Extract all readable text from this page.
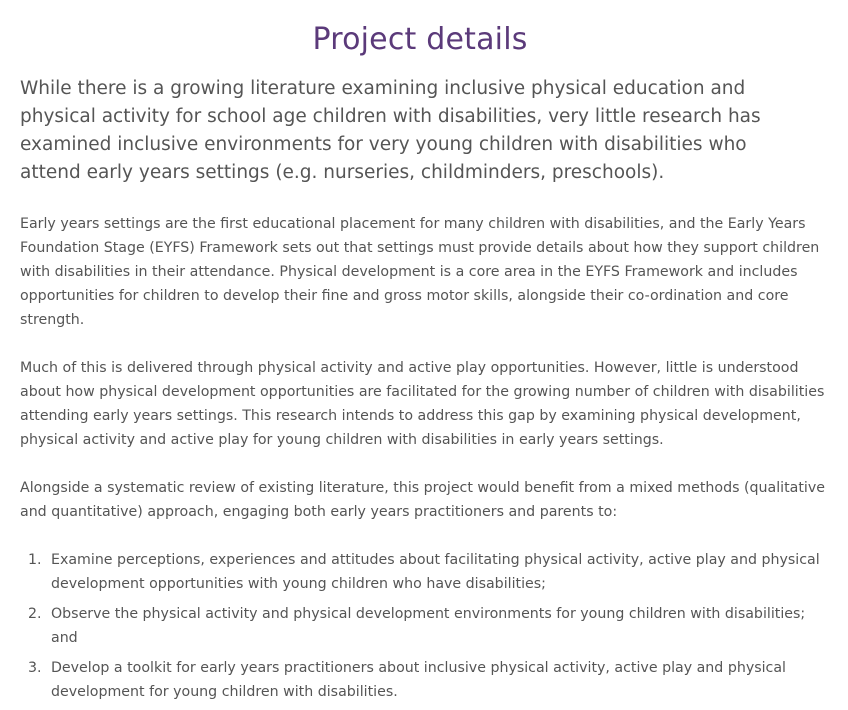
Project details

While there is a growing literature examining inclusive physical education and physical activity for school age children with disabilities, very little research has examined inclusive environments for very young children with disabilities who attend early years settings (e.g. nurseries, childminders, preschools).

Early years settings are the first educational placement for many children with disabilities, and the Early Years Foundation Stage (EYFS) Framework sets out that settings must provide details about how they support children with disabilities in their attendance. Physical development is a core area in the EYFS Framework and includes opportunities for children to develop their fine and gross motor skills, alongside their co-ordination and core strength.

Much of this is delivered through physical activity and active play opportunities. However, little is understood about how physical development opportunities are facilitated for the growing number of children with disabilities attending early years settings. This research intends to address this gap by examining physical development, physical activity and active play for young children with disabilities in early years settings.

Alongside a systematic review of existing literature, this project would benefit from a mixed methods (qualitative and quantitative) approach, engaging both early years practitioners and parents to:

1. Examine perceptions, experiences and attitudes about facilitating physical activity, active play and physical development opportunities with young children who have disabilities;
2. Observe the physical activity and physical development environments for young children with disabilities; and
3. Develop a toolkit for early years practitioners about inclusive physical activity, active play and physical development for young children with disabilities.
